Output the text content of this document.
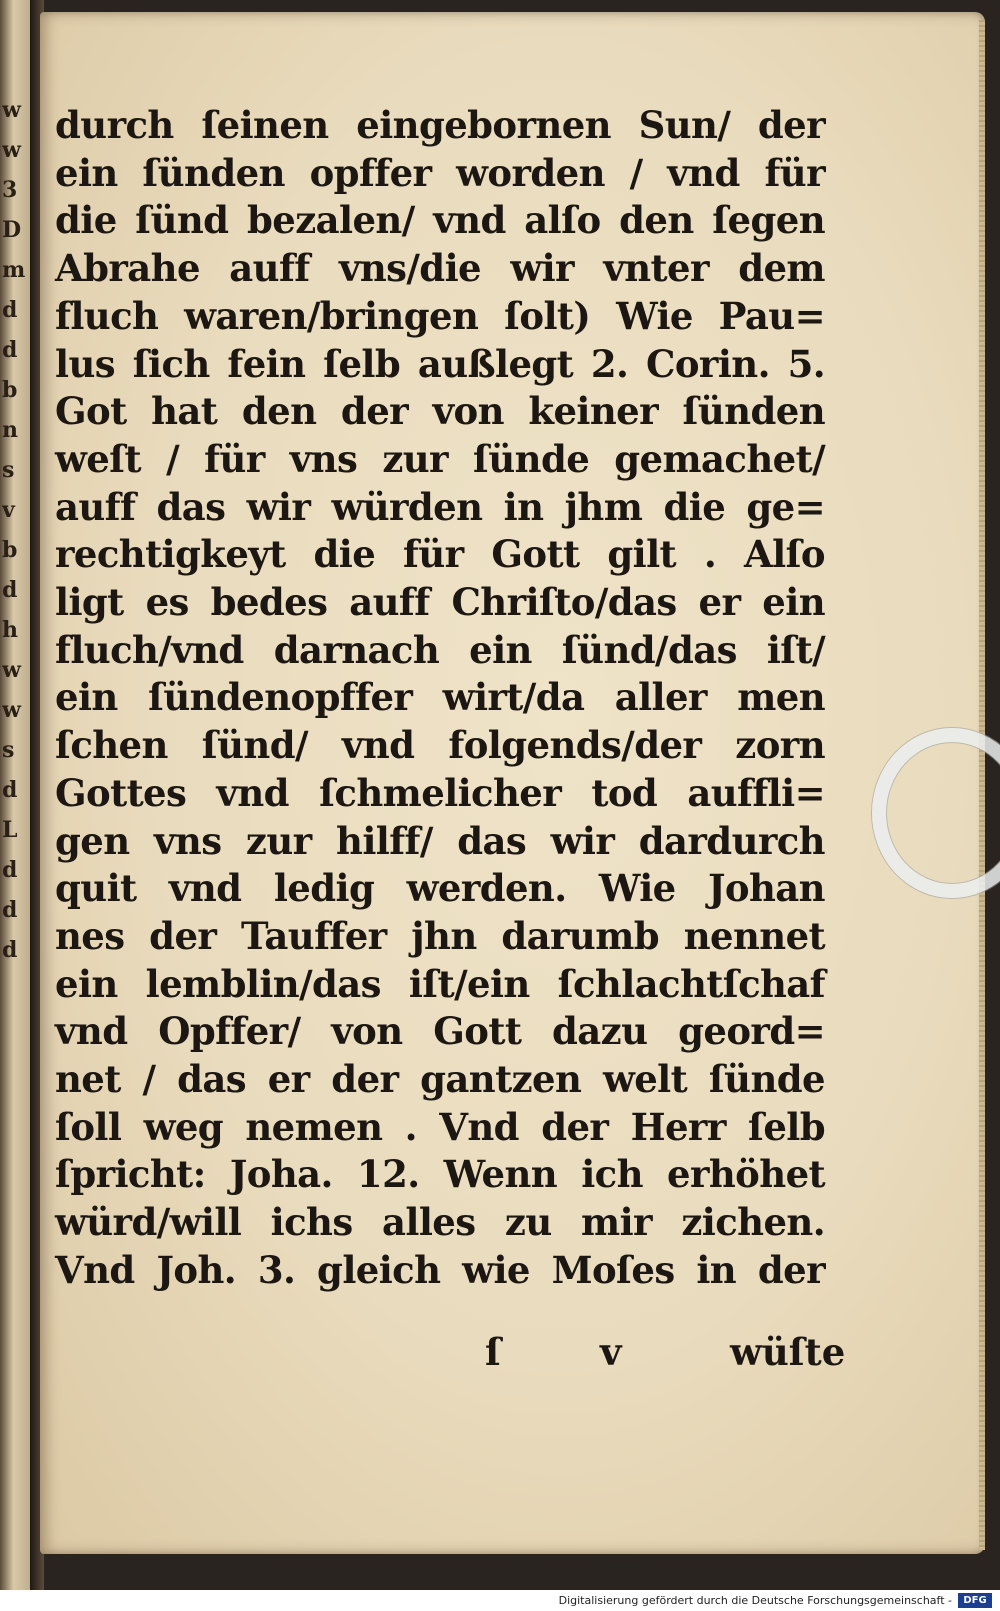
w
w
3
D
m
d
d
b
n
s
v
b
d
h
w
w
s
d
L
d
d
d
durch ſeinen eingebornen Sun/ der
ein ſünden opffer worden / vnd für
die ſünd bezalen/ vnd alſo den ſegen
Abrahe auff vns/die wir vnter dem
fluch waren/bringen ſolt) Wie Pau=
lus ſich fein ſelb außlegt 2. Corin. 5.
Got hat den der von keiner ſünden
weſt / für vns zur ſünde gemachet/
auff das wir würden in jhm die ge=
rechtigkeyt die für Gott gilt . Alſo
ligt es bedes auff Chriſto/das er ein
fluch/vnd darnach ein ſünd/das iſt/
ein ſündenopffer wirt/da aller men
ſchen ſünd/ vnd folgends/der zorn
Gottes vnd ſchmelicher tod auffli=
gen vns zur hilff/ das wir dardurch
quit vnd ledig werden. Wie Johan
nes der Tauffer jhn darumb nennet
ein lemblin/das iſt/ein ſchlachtſchaf
vnd Opffer/ von Gott dazu geord=
net / das er der gantzen welt ſünde
ſoll weg nemen . Vnd der Herr ſelb
ſpricht: Joha. 12. Wenn ich erhöhet
würd/will ichs alles zu mir zichen.
Vnd Joh. 3. gleich wie Moſes in der
ſ	v	wüſte
Digitalisierung gefördert durch die Deutsche Forschungsgemeinschaft -	DFG
